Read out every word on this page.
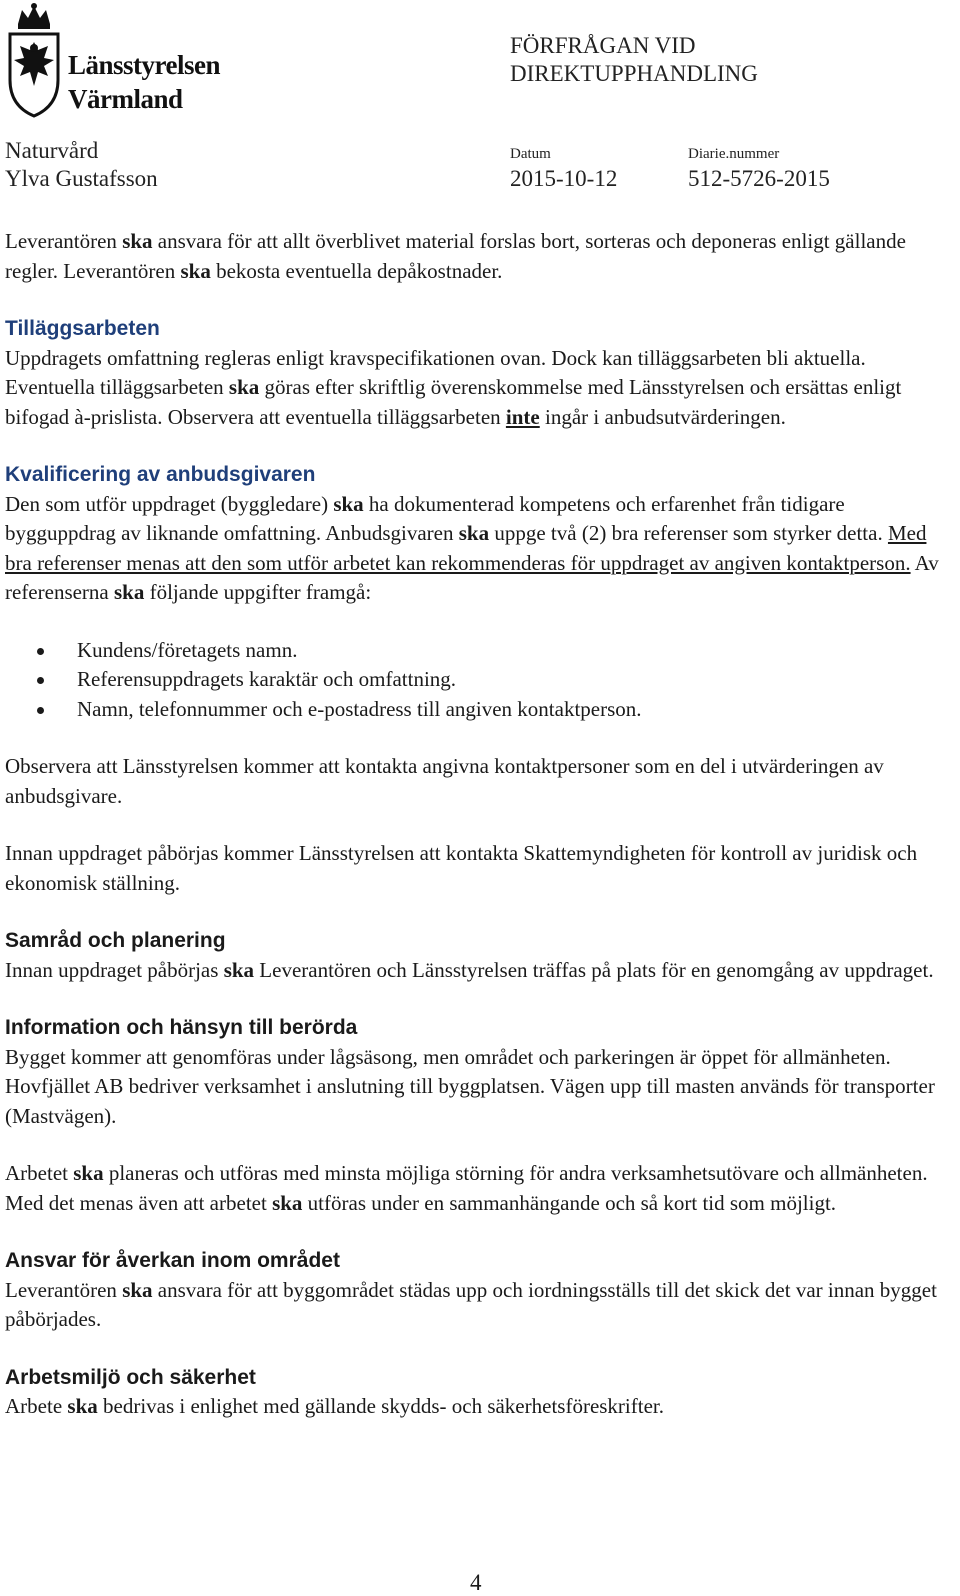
Länsstyrelsen
Värmland
FÖRFRÅGAN VID
DIREKTUPPHANDLING
Naturvård
Ylva Gustafsson
Datum
2015-10-12
Diarie.nummer
512-5726-2015

Leverantören ska ansvara för att allt överblivet material forslas bort, sorteras och deponeras enligt gällande regler. Leverantören ska bekosta eventuella depåkostnader.

Tilläggsarbeten

Uppdragets omfattning regleras enligt kravspecifikationen ovan. Dock kan tilläggsarbeten bli aktuella. Eventuella tilläggsarbeten ska göras efter skriftlig överenskommelse med Länsstyrelsen och ersättas enligt bifogad à-prislista. Observera att eventuella tilläggsarbeten inte ingår i anbudsutvärderingen.

Kvalificering av anbudsgivaren

Den som utför uppdraget (byggledare) ska ha dokumenterad kompetens och erfarenhet från tidigare bygguppdrag av liknande omfattning. Anbudsgivaren ska uppge två (2) bra referenser som styrker detta. Med bra referenser menas att den som utför arbetet kan rekommenderas för uppdraget av angiven kontaktperson. Av referenserna ska följande uppgifter framgå:

Kundens/företagets namn.
Referensuppdragets karaktär och omfattning.
Namn, telefonnummer och e-postadress till angiven kontaktperson.

Observera att Länsstyrelsen kommer att kontakta angivna kontaktpersoner som en del i utvärderingen av anbudsgivare.

Innan uppdraget påbörjas kommer Länsstyrelsen att kontakta Skattemyndigheten för kontroll av juridisk och ekonomisk ställning.

Samråd och planering

Innan uppdraget påbörjas ska Leverantören och Länsstyrelsen träffas på plats för en genomgång av uppdraget.

Information och hänsyn till berörda

Bygget kommer att genomföras under lågsäsong, men området och parkeringen är öppet för allmänheten. Hovfjället AB bedriver verksamhet i anslutning till byggplatsen. Vägen upp till masten används för transporter (Mastvägen).

Arbetet ska planeras och utföras med minsta möjliga störning för andra verksamhetsutövare och allmänheten. Med det menas även att arbetet ska utföras under en sammanhängande och så kort tid som möjligt.

Ansvar för åverkan inom området

Leverantören ska ansvara för att byggområdet städas upp och iordningsställs till det skick det var innan bygget påbörjades.

Arbetsmiljö och säkerhet

Arbete ska bedrivas i enlighet med gällande skydds- och säkerhetsföreskrifter.

4
